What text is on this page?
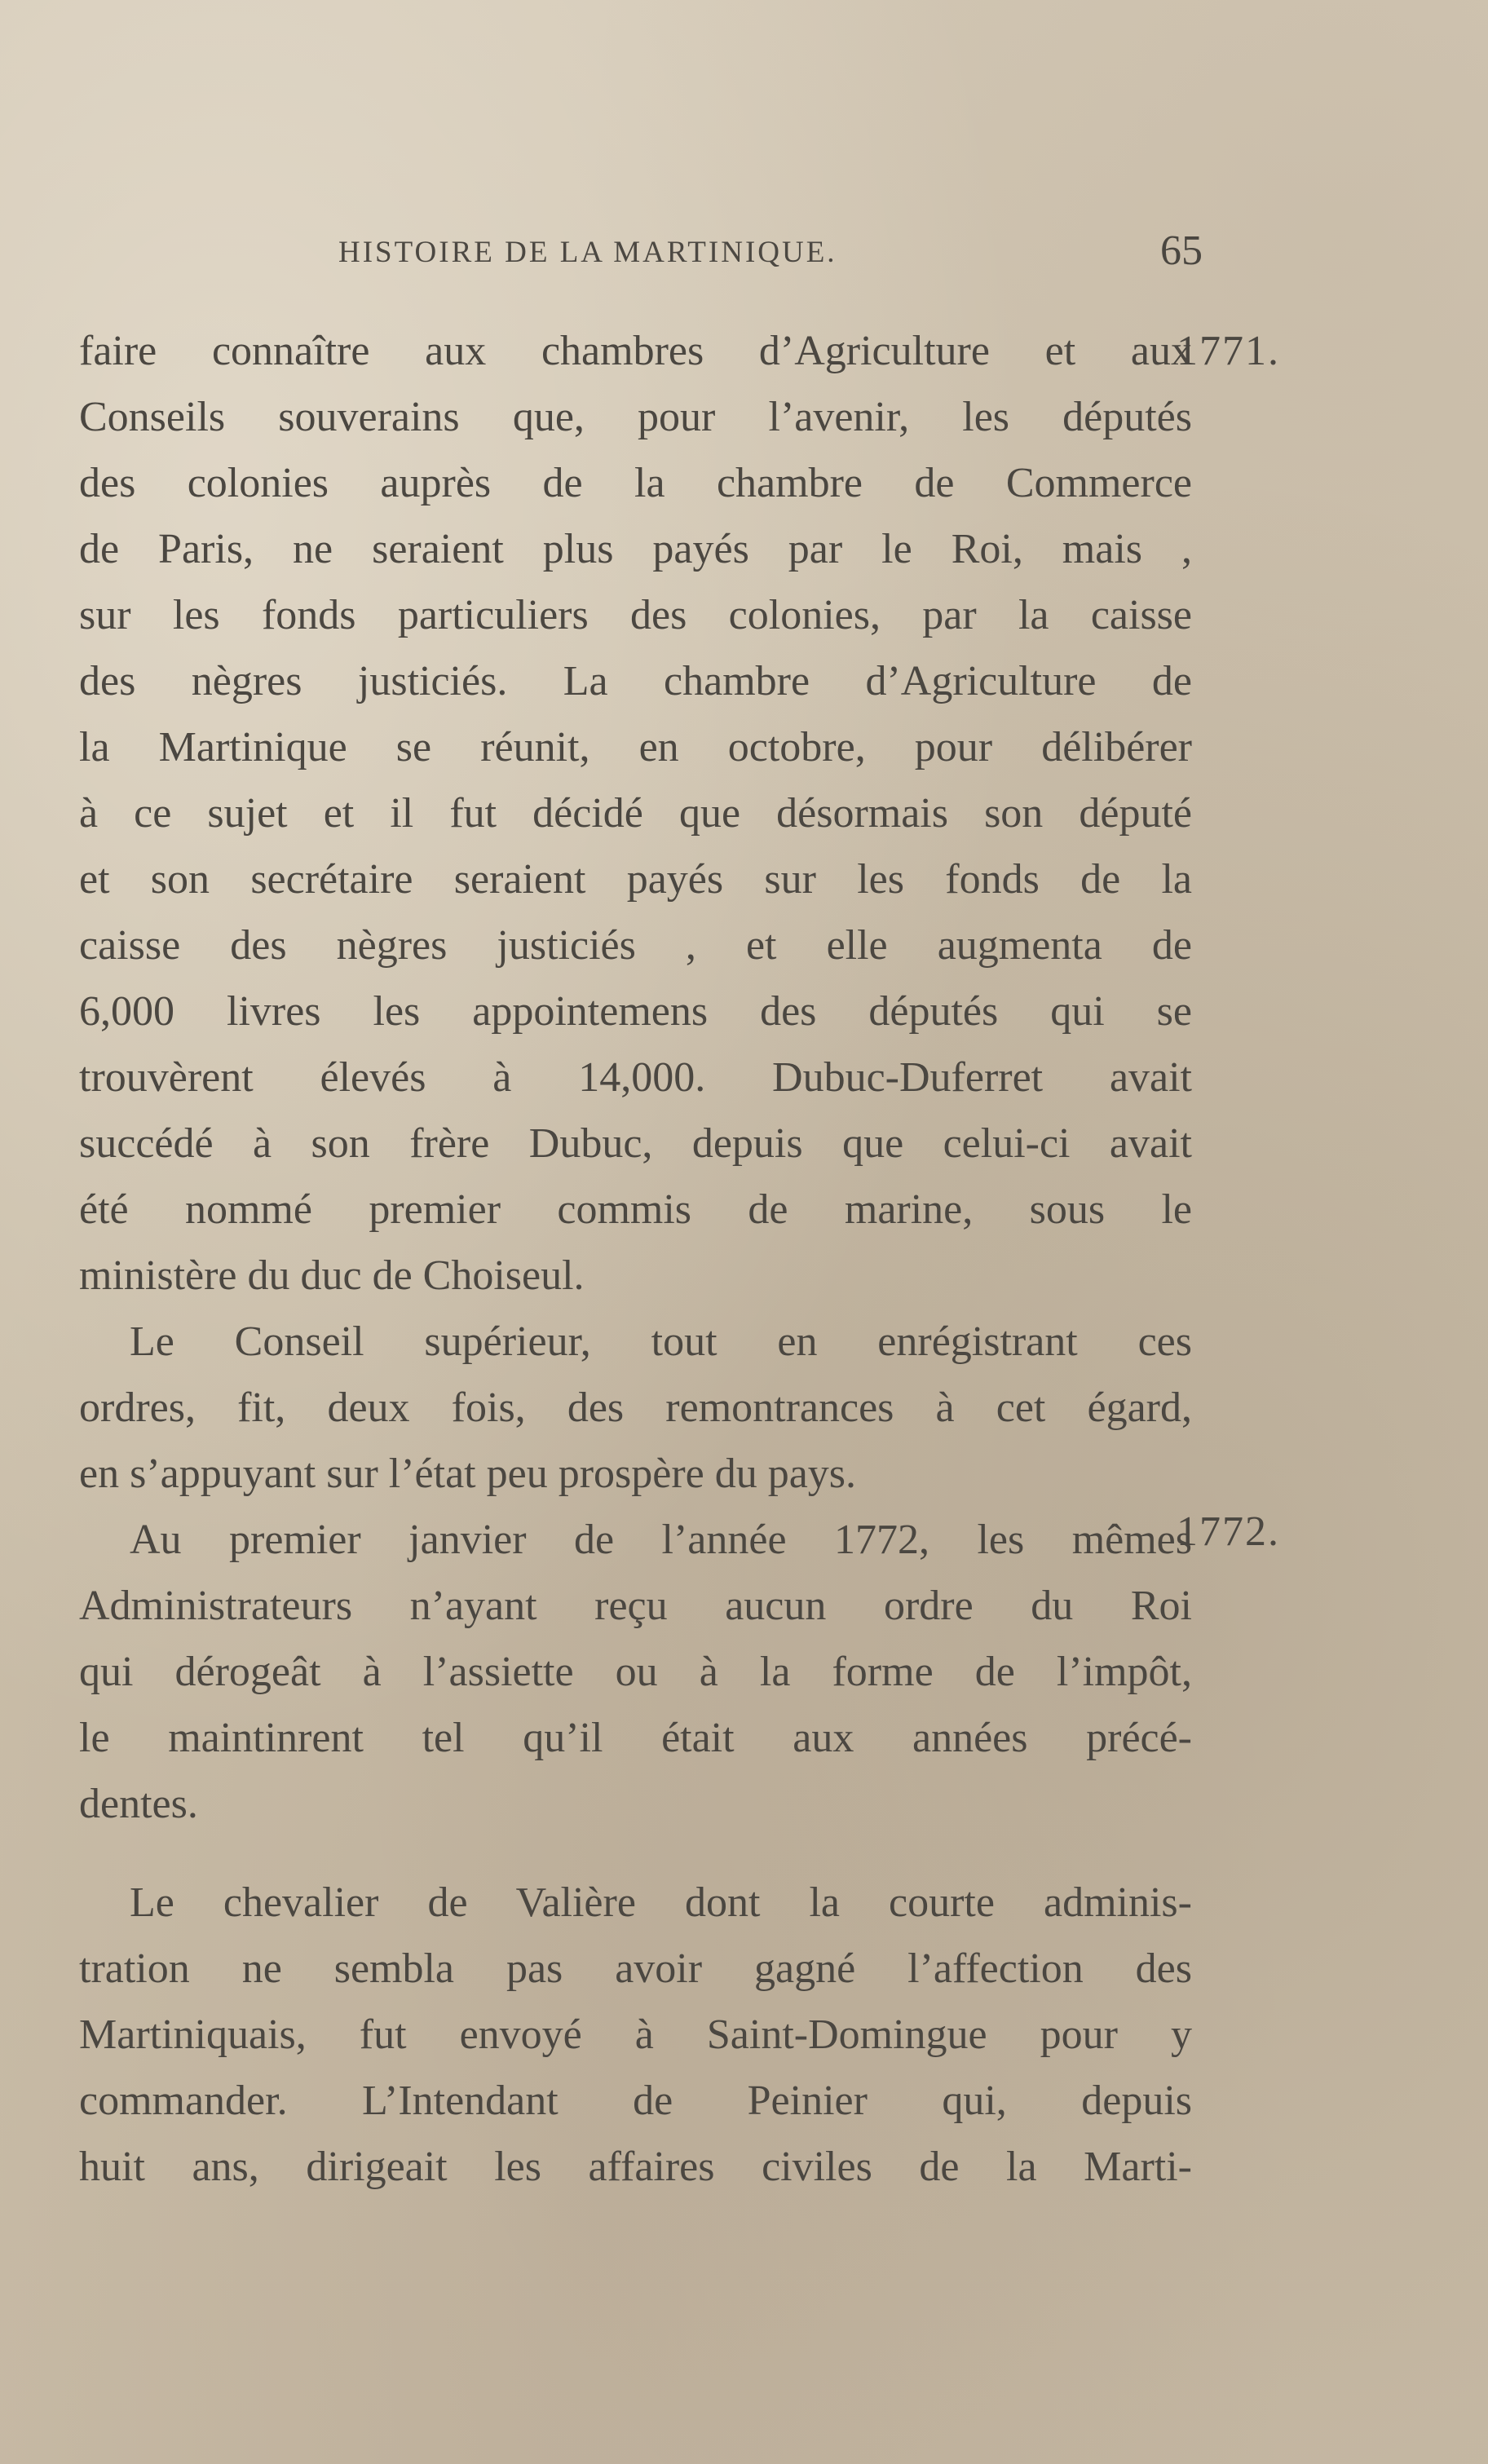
HISTOIRE DE LA MARTINIQUE.	65
1771.
1772.
faire connaître aux chambres d’Agriculture et aux
Conseils souverains que, pour l’avenir, les députés
des colonies auprès de la chambre de Commerce
de Paris, ne seraient plus payés par le Roi, mais ,
sur les fonds particuliers des colonies, par la caisse
des nègres justiciés. La chambre d’Agriculture de
la Martinique se réunit, en octobre, pour délibérer
à ce sujet et il fut décidé que désormais son député
et son secrétaire seraient payés sur les fonds de la
caisse des nègres justiciés , et elle augmenta de
6,000 livres les appointemens des députés qui se
trouvèrent élevés à 14,000. Dubuc-Duferret avait
succédé à son frère Dubuc, depuis que celui-ci avait
été nommé premier commis de marine, sous le
ministère du duc de Choiseul.
Le Conseil supérieur, tout en enrégistrant ces
ordres, fit, deux fois, des remontrances à cet égard,
en s’appuyant sur l’état peu prospère du pays.
Au premier janvier de l’année 1772, les mêmes
Administrateurs n’ayant reçu aucun ordre du Roi
qui dérogeât à l’assiette ou à la forme de l’impôt,
le maintinrent tel qu’il était aux années précé-
dentes.
Le chevalier de Valière dont la courte adminis-
tration ne sembla pas avoir gagné l’affection des
Martiniquais, fut envoyé à Saint-Domingue pour y
commander. L’Intendant de Peinier qui, depuis
huit ans, dirigeait les affaires civiles de la Marti-
